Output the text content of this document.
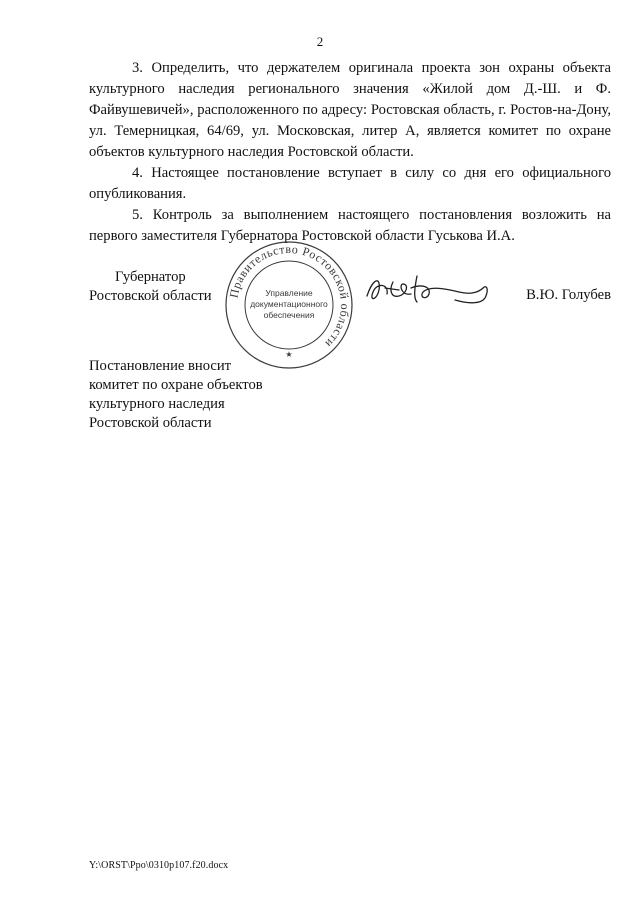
2

3. Определить, что держателем оригинала проекта зон охраны объекта культурного наследия регионального значения «Жилой дом Д.-Ш. и Ф. Файвушевичей», расположенного по адресу: Ростовская область, г. Ростов-на-Дону, ул. Темерницкая, 64/69, ул. Московская, литер А, является комитет по охране объектов культурного наследия Ростовской области.

4. Настоящее постановление вступает в силу со дня его официального опубликования.

5. Контроль за выполнением настоящего постановления возложить на первого заместителя Губернатора Ростовской области Гуськова И.А.

Губернатор
Ростовской области Правительство Ростовской области
Управление
документационного
обеспечения
★
В.Ю. Голубев
Постановление вносит
комитет по охране объектов
культурного наследия
Ростовской области
Y:\ORST\Ppo\0310p107.f20.docx
